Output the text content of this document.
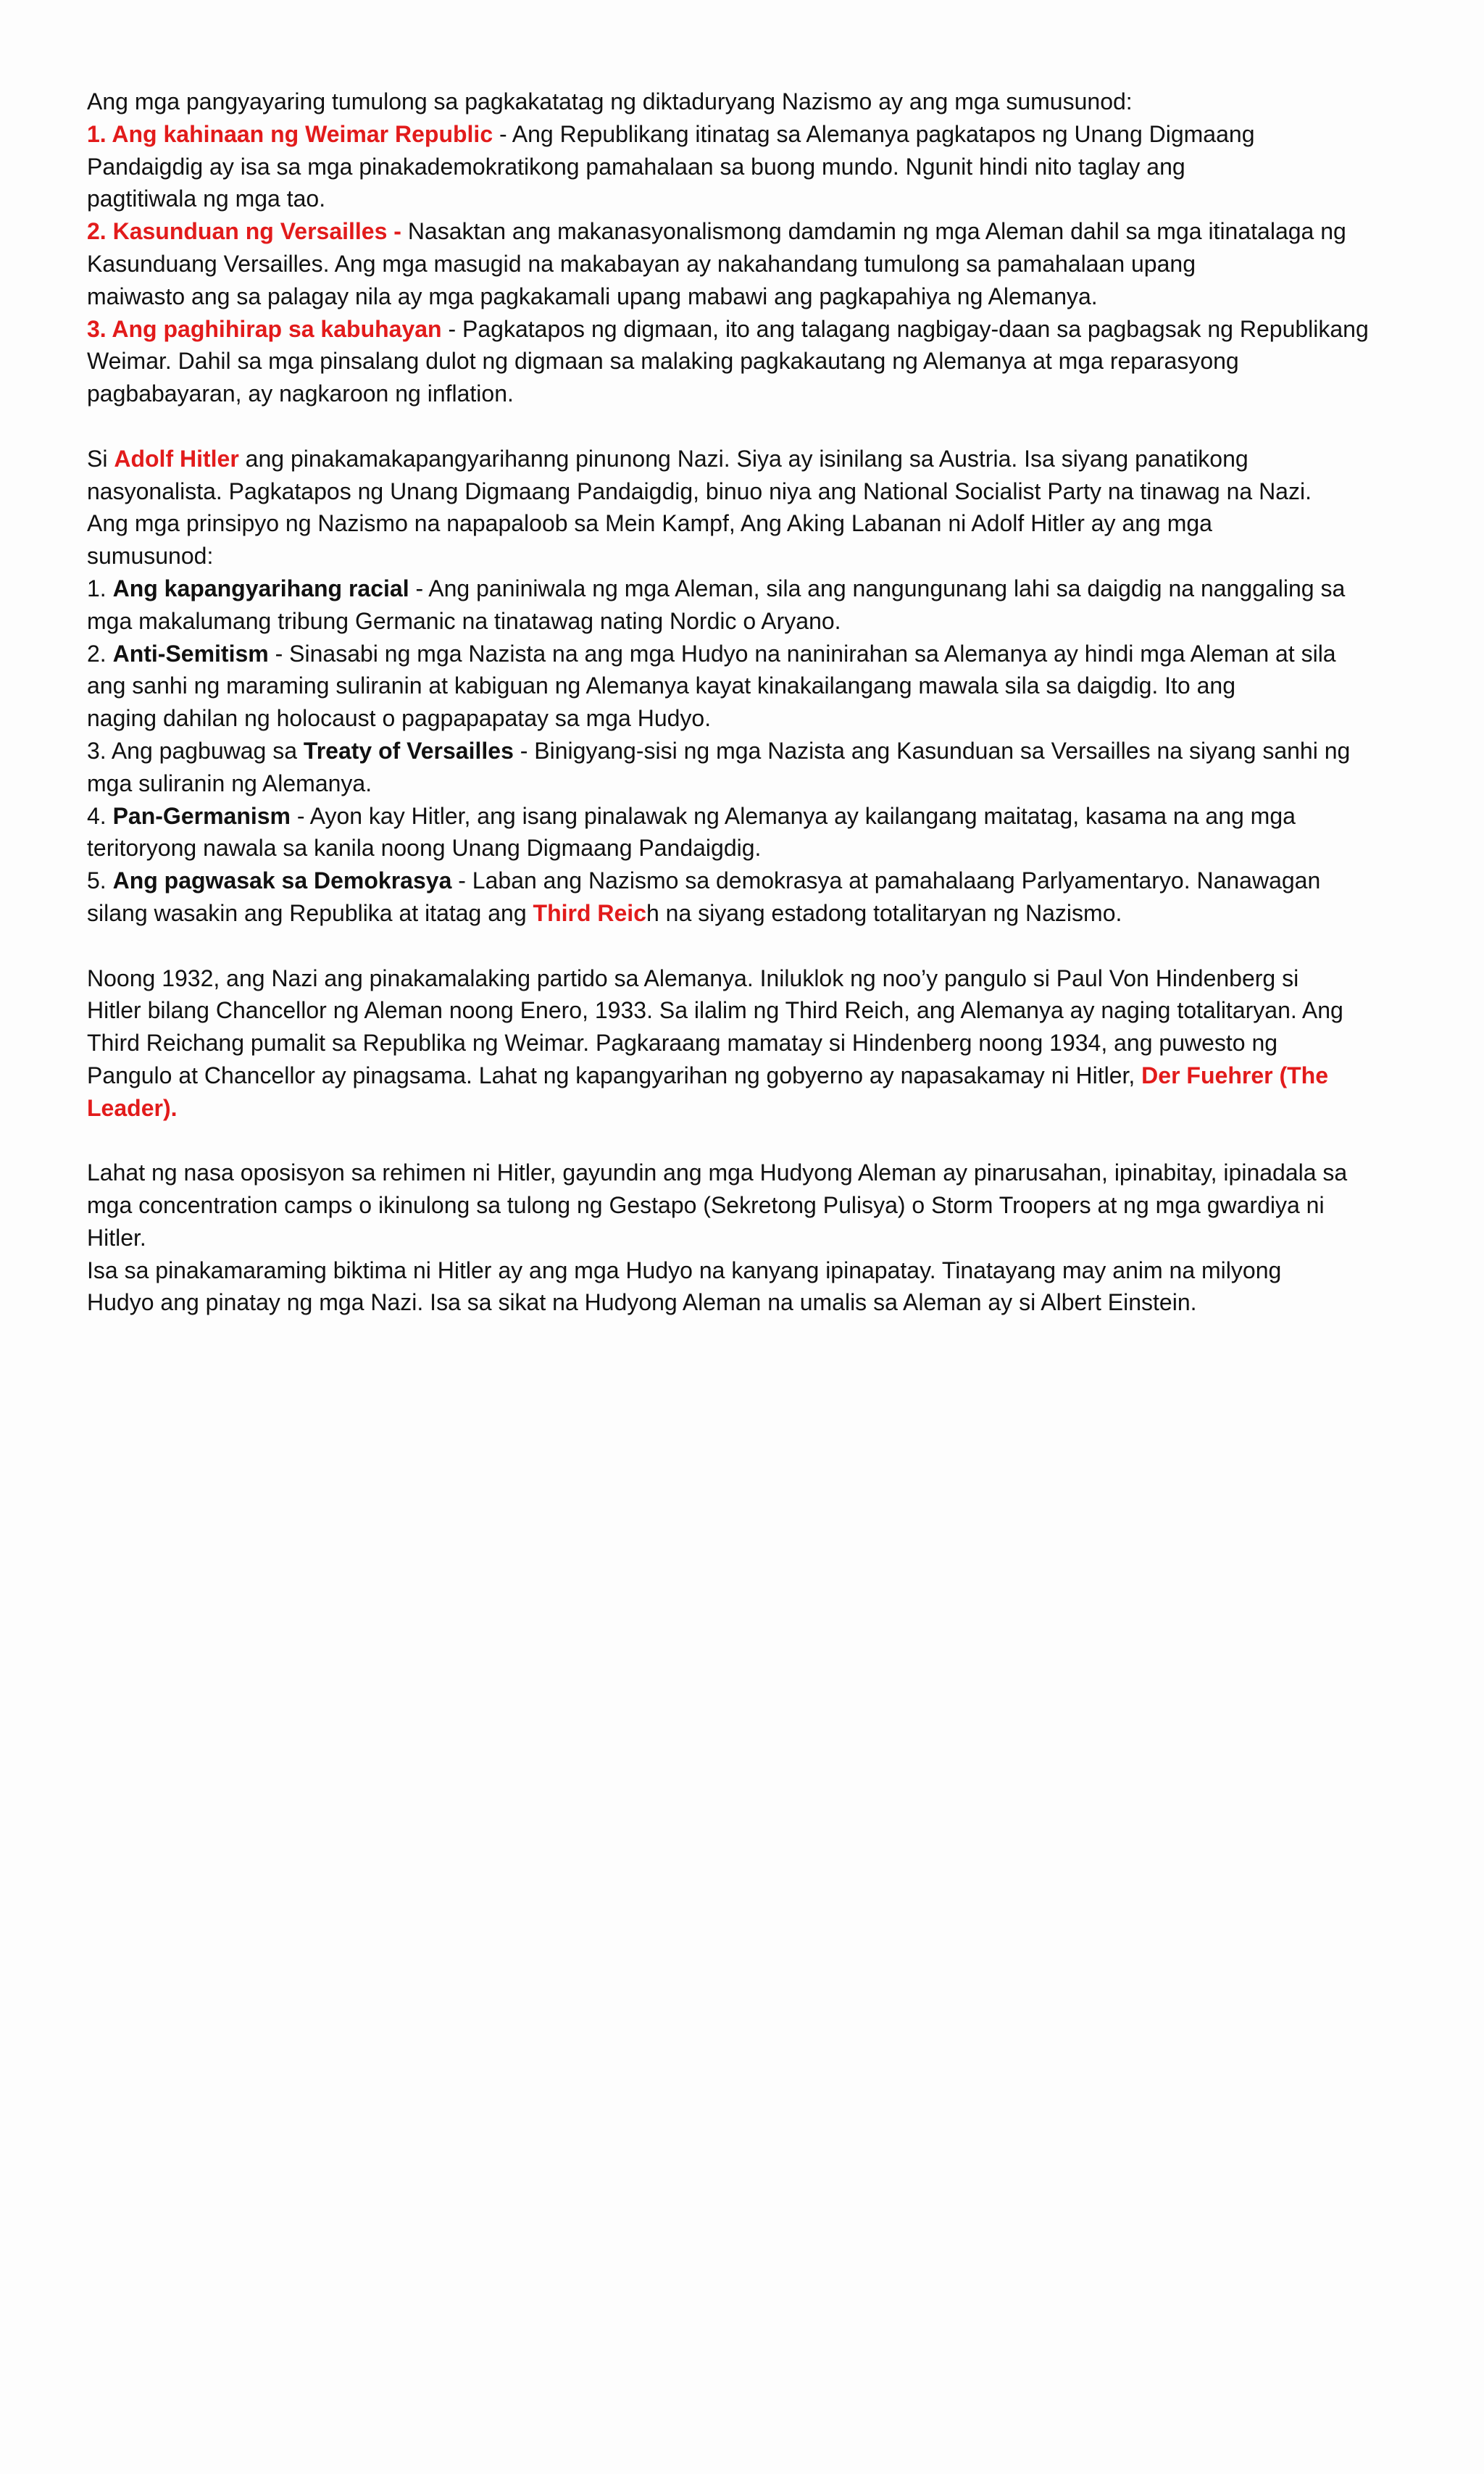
Ang mga pangyayaring tumulong sa pagkakatatag ng diktaduryang Nazismo ay ang mga sumusunod:
1. Ang kahinaan ng Weimar Republic - Ang Republikang itinatag sa Alemanya pagkatapos ng Unang Digmaang
Pandaigdig ay isa sa mga pinakademokratikong pamahalaan sa buong mundo. Ngunit hindi nito taglay ang
pagtitiwala ng mga tao.
2. Kasunduan ng Versailles - Nasaktan ang makanasyonalismong damdamin ng mga Aleman dahil sa mga itinatalaga ng
Kasunduang Versailles. Ang mga masugid na makabayan ay nakahandang tumulong sa pamahalaan upang
maiwasto ang sa palagay nila ay mga pagkakamali upang mabawi ang pagkapahiya ng Alemanya.
3. Ang paghihirap sa kabuhayan - Pagkatapos ng digmaan, ito ang talagang nagbigay-daan sa pagbagsak ng Republikang
Weimar. Dahil sa mga pinsalang dulot ng digmaan sa malaking pagkakautang ng Alemanya at mga reparasyong
pagbabayaran, ay nagkaroon ng inflation.
Si Adolf Hitler ang pinakamakapangyarihanng pinunong Nazi. Siya ay isinilang sa Austria. Isa siyang panatikong
nasyonalista. Pagkatapos ng Unang Digmaang Pandaigdig, binuo niya ang National Socialist Party na tinawag na Nazi.
Ang mga prinsipyo ng Nazismo na napapaloob sa Mein Kampf, Ang Aking Labanan ni Adolf Hitler ay ang mga
sumusunod:
1. Ang kapangyarihang racial - Ang paniniwala ng mga Aleman, sila ang nangungunang lahi sa daigdig na nanggaling sa
mga makalumang tribung Germanic na tinatawag nating Nordic o Aryano.
2. Anti-Semitism - Sinasabi ng mga Nazista na ang mga Hudyo na naninirahan sa Alemanya ay hindi mga Aleman at sila
ang sanhi ng maraming suliranin at kabiguan ng Alemanya kayat kinakailangang mawala sila sa daigdig. Ito ang
naging dahilan ng holocaust o pagpapapatay sa mga Hudyo.
3. Ang pagbuwag sa Treaty of Versailles - Binigyang-sisi ng mga Nazista ang Kasunduan sa Versailles na siyang sanhi ng
mga suliranin ng Alemanya.
4. Pan-Germanism - Ayon kay Hitler, ang isang pinalawak ng Alemanya ay kailangang maitatag, kasama na ang mga
teritoryong nawala sa kanila noong Unang Digmaang Pandaigdig.
5. Ang pagwasak sa Demokrasya - Laban ang Nazismo sa demokrasya at pamahalaang Parlyamentaryo. Nanawagan
silang wasakin ang Republika at itatag ang Third Reich na siyang estadong totalitaryan ng Nazismo.
Noong 1932, ang Nazi ang pinakamalaking partido sa Alemanya. Iniluklok ng noo’y pangulo si Paul Von Hindenberg si
Hitler bilang Chancellor ng Aleman noong Enero, 1933. Sa ilalim ng Third Reich, ang Alemanya ay naging totalitaryan. Ang
Third Reichang pumalit sa Republika ng Weimar. Pagkaraang mamatay si Hindenberg noong 1934, ang puwesto ng
Pangulo at Chancellor ay pinagsama. Lahat ng kapangyarihan ng gobyerno ay napasakamay ni Hitler, Der Fuehrer (The
Leader).
Lahat ng nasa oposisyon sa rehimen ni Hitler, gayundin ang mga Hudyong Aleman ay pinarusahan, ipinabitay, ipinadala sa
mga concentration camps o ikinulong sa tulong ng Gestapo (Sekretong Pulisya) o Storm Troopers at ng mga gwardiya ni
Hitler.
Isa sa pinakamaraming biktima ni Hitler ay ang mga Hudyo na kanyang ipinapatay. Tinatayang may anim na milyong
Hudyo ang pinatay ng mga Nazi. Isa sa sikat na Hudyong Aleman na umalis sa Aleman ay si Albert Einstein.
